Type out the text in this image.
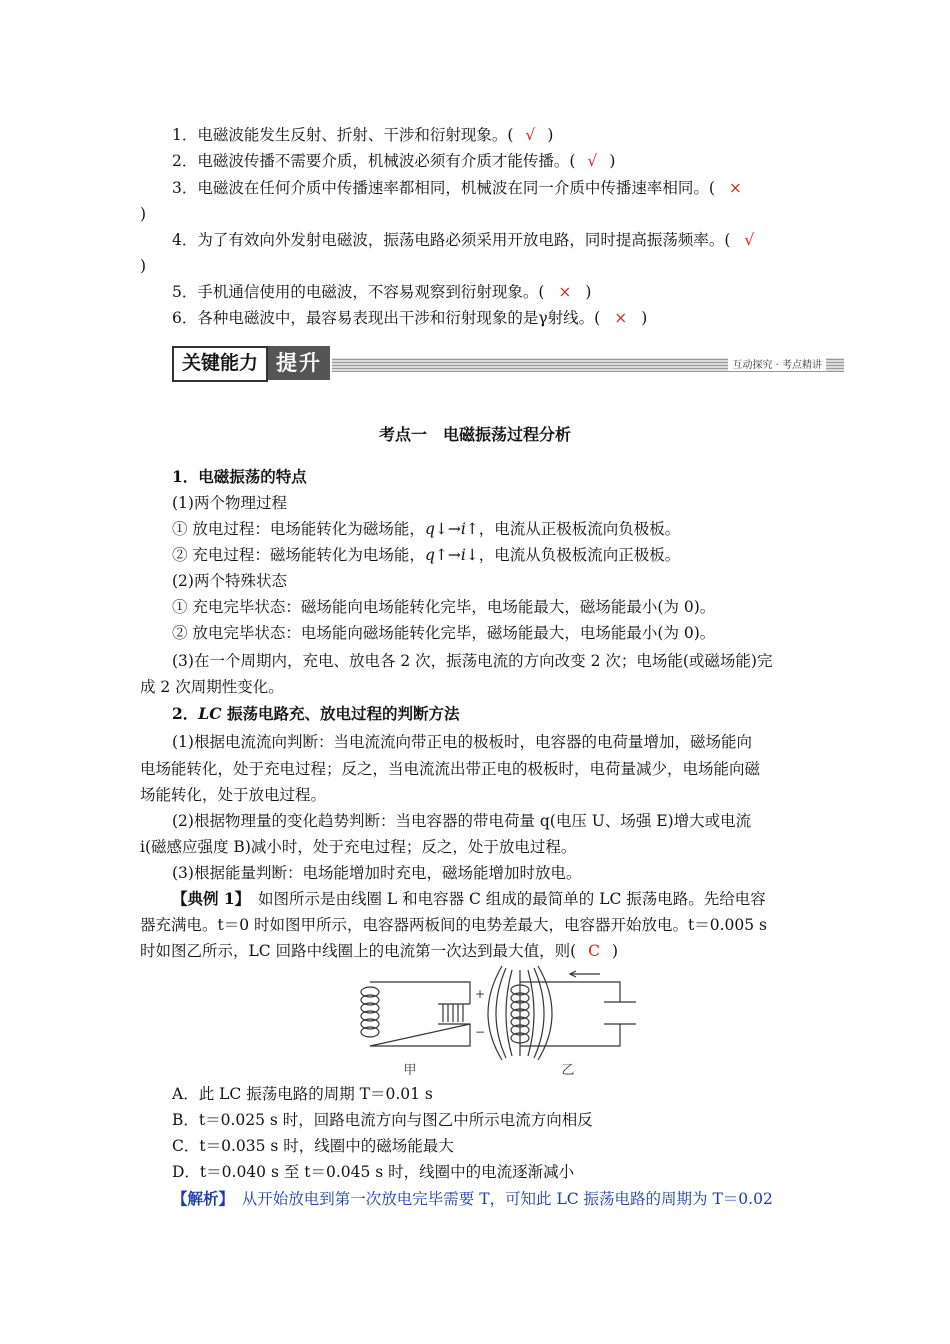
1．电磁波能发生反射、折射、干涉和衍射现象。( √ )
2．电磁波传播不需要介质，机械波必须有介质才能传播。( √ )
3．电磁波在任何介质中传播速率都相同，机械波在同一介质中传播速率相同。( ×
)
4．为了有效向外发射电磁波，振荡电路必须采用开放电路，同时提高振荡频率。( √
)
5．手机通信使用的电磁波，不容易观察到衍射现象。( × )
6．各种电磁波中，最容易表现出干涉和衍射现象的是γ射线。( × )
关键能力 提升	互动探究 · 考点精讲
考点一　电磁振荡过程分析
1．电磁振荡的特点
(1)两个物理过程
① 放电过程：电场能转化为磁场能，q↓→i↑，电流从正极板流向负极板。
② 充电过程：磁场能转化为电场能，q↑→i↓，电流从负极板流向正极板。
(2)两个特殊状态
① 充电完毕状态：磁场能向电场能转化完毕，电场能最大，磁场能最小(为 0)。
② 放电完毕状态：电场能向磁场能转化完毕，磁场能最大，电场能最小(为 0)。
(3)在一个周期内，充电、放电各 2 次，振荡电流的方向改变 2 次；电场能(或磁场能)完
成 2 次周期性变化。
2．LC 振荡电路充、放电过程的判断方法
(1)根据电流流向判断：当电流流向带正电的极板时，电容器的电荷量增加，磁场能向
电场能转化，处于充电过程；反之，当电流流出带正电的极板时，电荷量减少，电场能向磁
场能转化，处于放电过程。
(2)根据物理量的变化趋势判断：当电容器的带电荷量 q(电压 U、场强 E)增大或电流
i(磁感应强度 B)减小时，处于充电过程；反之，处于放电过程。
(3)根据能量判断：电场能增加时充电，磁场能增加时放电。
【典例 1】　如图所示是由线圈 L 和电容器 C 组成的最简单的 LC 振荡电路。先给电容
器充满电。t＝0 时如图甲所示，电容器两板间的电势差最大，电容器开始放电。t＝0.005 s
时如图乙所示，LC 回路中线圈上的电流第一次达到最大值，则( C )
+
−
甲	乙
A．此 LC 振荡电路的周期 T＝0.01 s
B．t＝0.025 s 时，回路电流方向与图乙中所示电流方向相反
C．t＝0.035 s 时，线圈中的磁场能最大
D．t＝0.040 s 至 t＝0.045 s 时，线圈中的电流逐渐减小
【解析】　从开始放电到第一次放电完毕需要 T，可知此 LC 振荡电路的周期为 T＝0.02
